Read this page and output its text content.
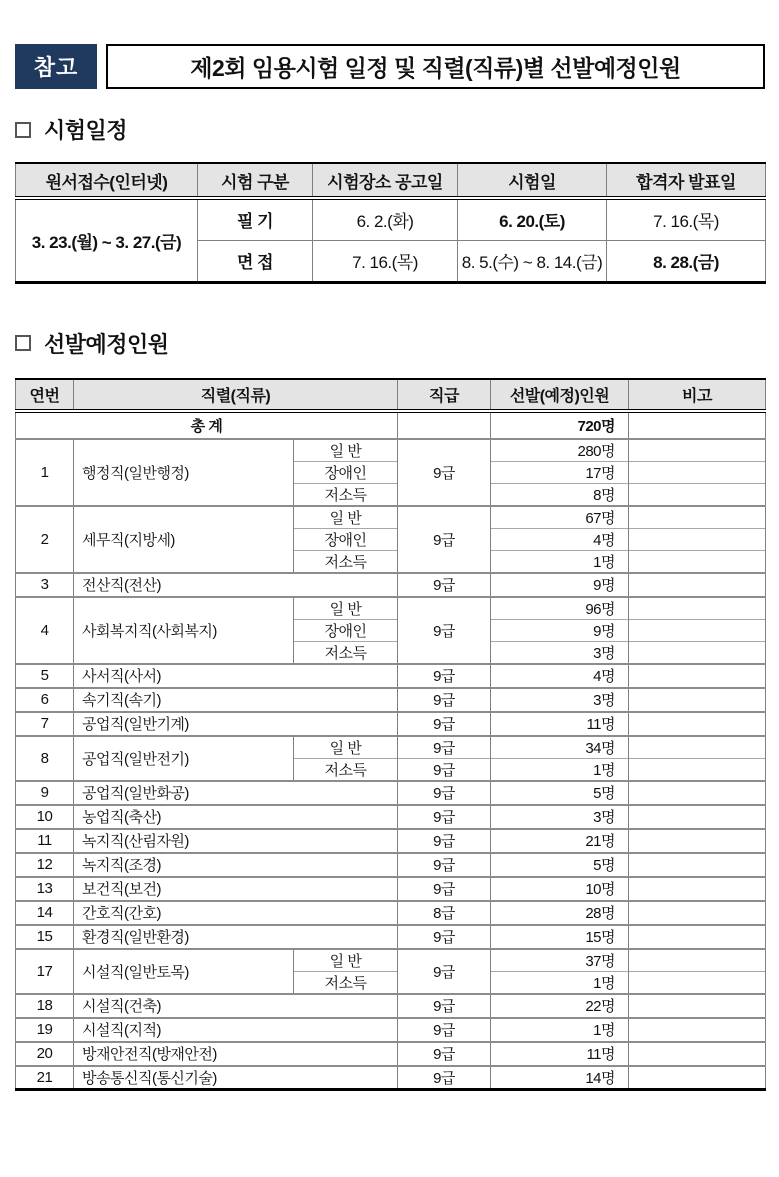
참고	제2회 임용시험 일정 및 직렬(직류)별 선발예정인원
시험일정
원서접수(인터넷)	시험 구분	시험장소 공고일	시험일	합격자 발표일
3. 23.(월) ~ 3. 27.(금)	필 기	6. 2.(화)	6. 20.(토)	7. 16.(목)
	면 접	7. 16.(목)	8. 5.(수) ~ 8. 14.(금)	8. 28.(금)
선발예정인원
연번	직렬(직류)		직급	선발(예정)인원	비고
총 계				720명	
1	행정직(일반행정)	일 반	9급	280명	
		장애인		17명	
		저소득		8명	
2	세무직(지방세)	일 반	9급	67명	
		장애인		4명	
		저소득		1명	
3	전산직(전산)		9급	9명	
4	사회복지직(사회복지)	일 반	9급	96명	
		장애인		9명	
		저소득		3명	
5	사서직(사서)		9급	4명	
6	속기직(속기)		9급	3명	
7	공업직(일반기계)		9급	11명	
8	공업직(일반전기)	일 반	9급	34명	
		저소득	9급	1명	
9	공업직(일반화공)		9급	5명	
10	농업직(축산)		9급	3명	
11	녹지직(산림자원)		9급	21명	
12	녹지직(조경)		9급	5명	
13	보건직(보건)		9급	10명	
14	간호직(간호)		8급	28명	
15	환경직(일반환경)		9급	15명	
17	시설직(일반토목)	일 반	9급	37명	
		저소득		1명	
18	시설직(건축)		9급	22명	
19	시설직(지적)		9급	1명	
20	방재안전직(방재안전)		9급	11명	
21	방송통신직(통신기술)		9급	14명	
